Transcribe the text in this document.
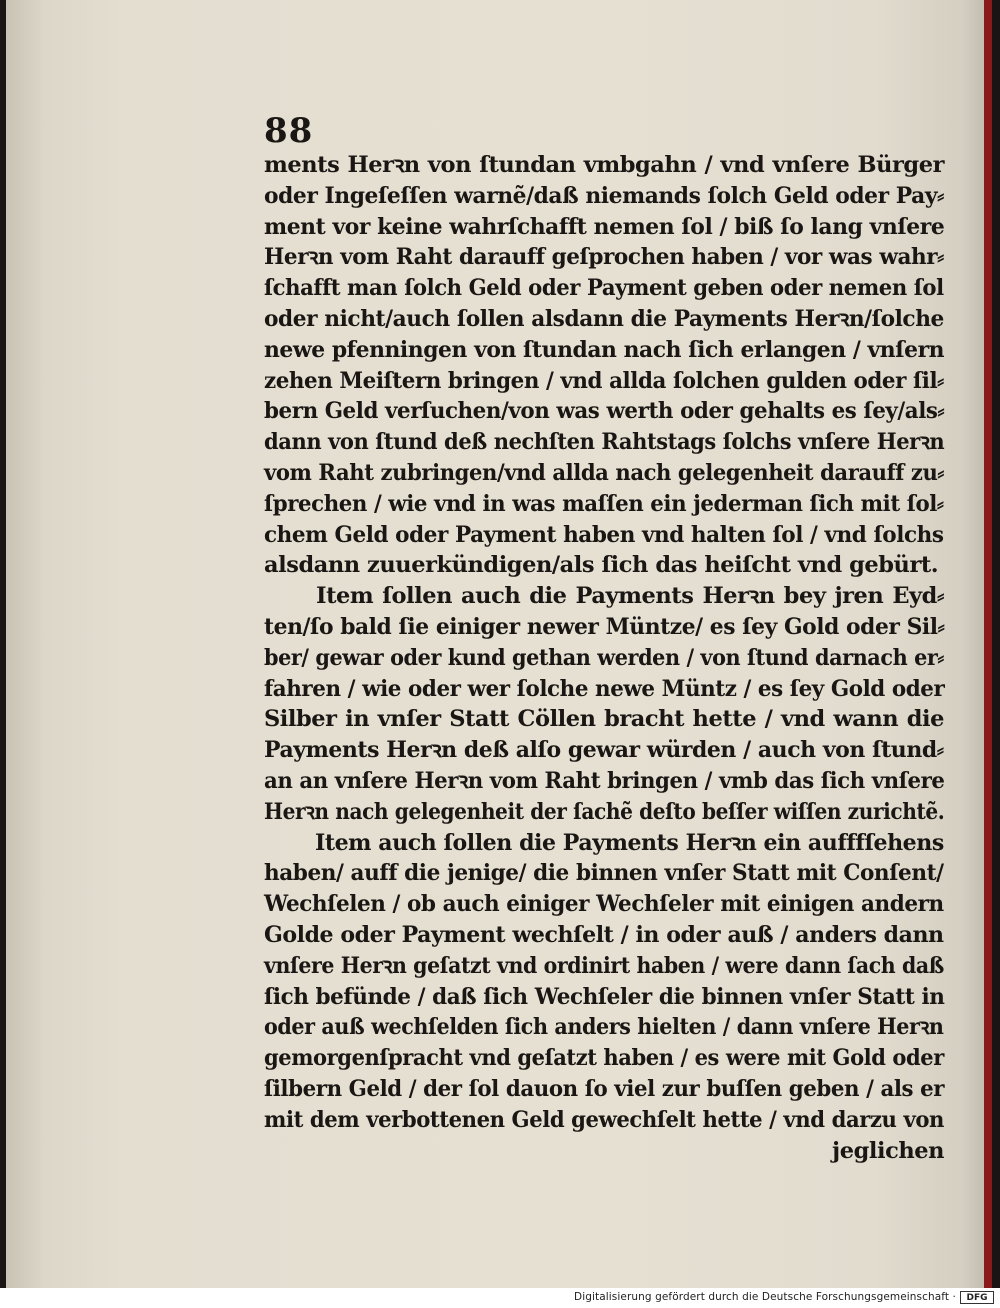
88
ments Herꝛn von ſtundan vmbgahn / vnd vnſere Bürger
oder Ingeſeſſen warnẽ/daß niemands ſolch Geld oder Pay⸗
ment vor keine wahrſchafft nemen ſol / biß ſo lang vnſere
Herꝛn vom Raht darauff geſprochen haben / vor was wahr⸗
ſchafft man ſolch Geld oder Payment geben oder nemen ſol
oder nicht/auch ſollen alsdann die Payments Herꝛn/ſolche
newe pfenningen von ſtundan nach ſich erlangen / vnſern
zehen Meiſtern bringen / vnd allda ſolchen gulden oder ſil⸗
bern Geld verſuchen/von was werth oder gehalts es ſey/als⸗
dann von ſtund deß nechſten Rahtstags ſolchs vnſere Herꝛn
vom Raht zubringen/vnd allda nach gelegenheit darauff zu⸗
ſprechen / wie vnd in was maſſen ein jederman ſich mit ſol⸗
chem Geld oder Payment haben vnd halten ſol / vnd ſolchs
alsdann zuuerkündigen/als ſich das heiſcht vnd gebürt.
Item ſollen auch die Payments Herꝛn bey jren Eyd⸗
ten/ſo bald ſie einiger newer Müntze/ es ſey Gold oder Sil⸗
ber/ gewar oder kund gethan werden / von ſtund darnach er⸗
fahren / wie oder wer ſolche newe Müntz / es ſey Gold oder
Silber in vnſer Statt Cöllen bracht hette / vnd wann die
Payments Herꝛn deß alſo gewar würden / auch von ſtund⸗
an an vnſere Herꝛn vom Raht bringen / vmb das ſich vnſere
Herꝛn nach gelegenheit der ſachẽ deſto beſſer wiſſen zurichtẽ.
Item auch ſollen die Payments Herꝛn ein aufffſehens
haben/ auff die jenige/ die binnen vnſer Statt mit Conſent/
Wechſelen / ob auch einiger Wechſeler mit einigen andern
Golde oder Payment wechſelt / in oder auß / anders dann
vnſere Herꝛn geſatzt vnd ordinirt haben / were dann ſach daß
ſich befünde / daß ſich Wechſeler die binnen vnſer Statt in
oder auß wechſelden ſich anders hielten / dann vnſere Herꝛn
gemorgenſpracht vnd geſatzt haben / es were mit Gold oder
ſilbern Geld / der ſol dauon ſo viel zur buſſen geben / als er
mit dem verbottenen Geld gewechſelt hette / vnd darzu von
jeglichen
Digitalisierung gefördert durch die Deutsche Forschungsgemeinschaft ·	DFG
